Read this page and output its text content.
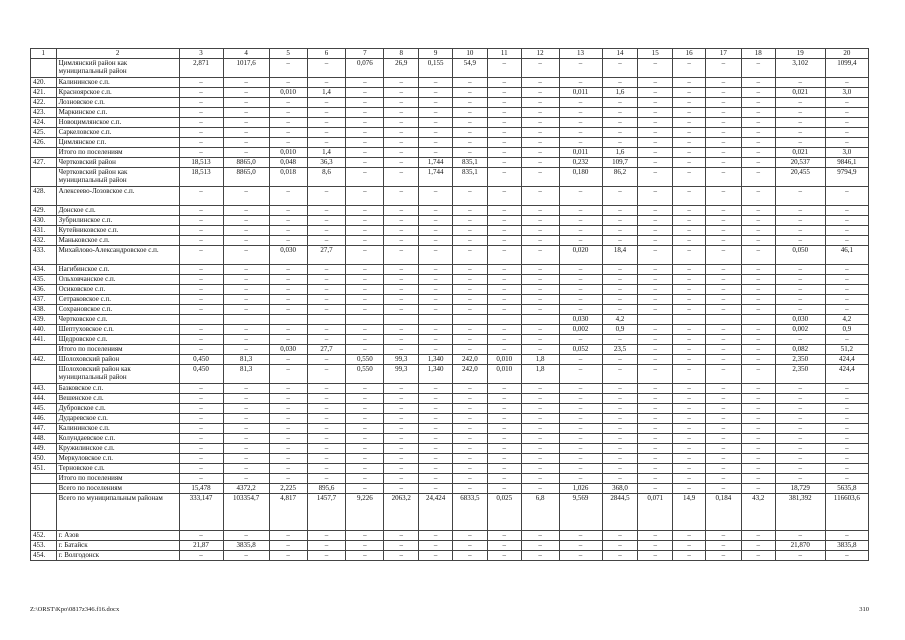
1	2	3	4	5	6	7	8	9	10	11	12	13	14	15	16	17	18	19	20
	Цимлянский район как муниципальный район	2,871	1017,6	–	–	0,076	26,9	0,155	54,9	–	–	–	–	–	–	–	–	3,102	1099,4
420.	Калининское с.п.	–	–	–	–	–	–	–	–	–	–	–	–	–	–	–	–	–	–
421.	Красноярское с.п.	–	–	0,010	1,4	–	–	–	–	–	–	0,011	1,6	–	–	–	–	0,021	3,0
422.	Лозновское с.п.	–	–	–	–	–	–	–	–	–	–	–	–	–	–	–	–	–	–
423.	Маркинское с.п.	–	–	–	–	–	–	–	–	–	–	–	–	–	–	–	–	–	–
424.	Новоцимлянское с.п.	–	–	–	–	–	–	–	–	–	–	–	–	–	–	–	–	–	–
425.	Саркеловское с.п.	–	–	–	–	–	–	–	–	–	–	–	–	–	–	–	–	–	–
426.	Цимлянское г.п.	–	–	–	–	–	–	–	–	–	–	–	–	–	–	–	–	–	–
	Итого по поселениям	–	–	0,010	1,4	–	–	–	–	–	–	0,011	1,6	–	–	–	–	0,021	3,0
427.	Чертковский район	18,513	8865,0	0,048	36,3	–	–	1,744	835,1	–	–	0,232	109,7	–	–	–	–	20,537	9846,1
	Чертковский район как муниципальный район	18,513	8865,0	0,018	8,6	–	–	1,744	835,1	–	–	0,180	86,2	–	–	–	–	20,455	9794,9
428.	Алексеево-Лозовское с.п.	–	–	–	–	–	–	–	–	–	–	–	–	–	–	–	–	–	–
429.	Донское с.п.	–	–	–	–	–	–	–	–	–	–	–	–	–	–	–	–	–	–
430.	Зубрилинское с.п.	–	–	–	–	–	–	–	–	–	–	–	–	–	–	–	–	–	–
431.	Кутейниковское с.п.	–	–	–	–	–	–	–	–	–	–	–	–	–	–	–	–	–	–
432.	Маньковское с.п.	–	–	–	–	–	–	–	–	–	–	–	–	–	–	–	–	–	–
433.	Михайлово-Александровское с.п.	–	–	0,030	27,7	–	–	–	–	–	–	0,020	18,4	–	–	–	–	0,050	46,1
434.	Нагибинское с.п.	–	–	–	–	–	–	–	–	–	–	–	–	–	–	–	–	–	–
435.	Ольховчанское с.п.	–	–	–	–	–	–	–	–	–	–	–	–	–	–	–	–	–	–
436.	Осиковское с.п.	–	–	–	–	–	–	–	–	–	–	–	–	–	–	–	–	–	–
437.	Сетраковское с.п.	–	–	–	–	–	–	–	–	–	–	–	–	–	–	–	–	–	–
438.	Сохрановское с.п.	–	–	–	–	–	–	–	–	–	–	–	–	–	–	–	–	–	–
439.	Чертковское с.п.											0,030	4,2					0,030	4,2
440.	Шептуховское с.п.	–	–	–	–	–	–	–	–	–	–	0,002	0,9	–	–	–	–	0,002	0,9
441.	Щедровское с.п.	–	–	–	–	–	–	–	–	–	–	–	–	–	–	–	–	–	–
	Итого по поселениям	–	–	0,030	27,7	–	–	–	–	–	–	0,052	23,5	–	–	–	–	0,082	51,2
442.	Шолоховский район	0,450	81,3	–	–	0,550	99,3	1,340	242,0	0,010	1,8	–	–	–	–	–	–	2,350	424,4
	Шолоховский район как муниципальный район	0,450	81,3	–	–	0,550	99,3	1,340	242,0	0,010	1,8	–	–	–	–	–	–	2,350	424,4
443.	Базковское с.п.	–	–	–	–	–	–	–	–	–	–	–	–	–	–	–	–	–	–
444.	Вешенское с.п.	–	–	–	–	–	–	–	–	–	–	–	–	–	–	–	–	–	–
445.	Дубровское с.п.	–	–	–	–	–	–	–	–	–	–	–	–	–	–	–	–	–	–
446.	Дударевское с.п.	–	–	–	–	–	–	–	–	–	–	–	–	–	–	–	–	–	–
447.	Калининское с.п.	–	–	–	–	–	–	–	–	–	–	–	–	–	–	–	–	–	–
448.	Колундаевское с.п.	–	–	–	–	–	–	–	–	–	–	–	–	–	–	–	–	–	–
449.	Кружилинское с.п.	–	–	–	–	–	–	–	–	–	–	–	–	–	–	–	–	–	–
450.	Меркуловское с.п.	–	–	–	–	–	–	–	–	–	–	–	–	–	–	–	–	–	–
451.	Терновское с.п.	–	–	–	–	–	–	–	–	–	–	–	–	–	–	–	–	–	–
	Итого по поселениям	–	–	–	–	–	–	–	–	–	–	–	–	–	–	–	–	–	–
	Всего по поселениям	15,478	4372,2	2,225	895,6	–	–	–	–	–	–	1,026	368,0	–	–	–	–	18,729	5635,8
	Всего по муниципальным районам	333,147	103354,7	4,817	1457,7	9,226	2063,2	24,424	6833,5	0,025	6,8	9,569	2844,5	0,071	14,9	0,184	43,2	381,392	116603,6
452.	г. Азов	–	–	–	–	–	–	–	–	–	–	–	–	–	–	–	–	–	–
453.	г. Батайск	21,87	3835,8	–	–	–	–	–	–	–	–	–	–	–	–	–	–	21,870	3835,8
454.	г. Волгодонск	–	–	–	–	–	–	–	–	–	–	–	–	–	–	–	–	–	–
Z:\ORST\Kpo\0817z346.f16.docx	310
